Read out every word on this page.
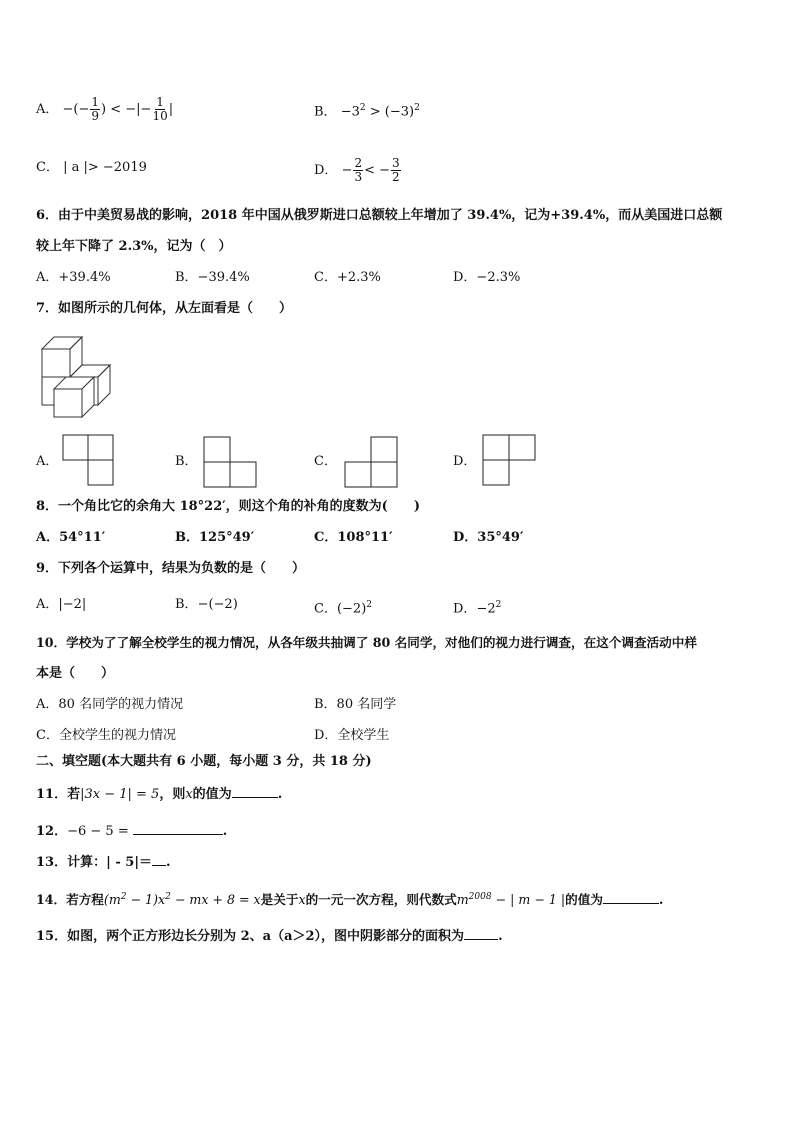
A． −(− $\frac{1}{9}$ ) < −|− $\frac{1}{10}$ |	B． $-3^2 > (-3)^2$
C． | a |> −2019	D． − $\frac{2}{3}$ < − $\frac{3}{2}$
6．由于中美贸易战的影响，2018 年中国从俄罗斯进口总额较上年增加了 39.4%，记为+39.4%，而从美国进口总额
较上年下降了 2.3%，记为（　）
A．+39.4%	B．−39.4%	C．+2.3%	D．−2.3%
7．如图所示的几何体，从左面看是（　　）
A．	B．	C．	D．
8．一个角比它的余角大 18°22′，则这个角的补角的度数为(　　)
A．54°11′	B．125°49′	C．108°11′	D．35°49′
9．下列各个运算中，结果为负数的是（　　）
A．|−2|	B．−(−2)	C．$(-2)^2$	D．$-2^2$
10．学校为了了解全校学生的视力情况，从各年级共抽调了 80 名同学，对他们的视力进行调查，在这个调查活动中样
本是（　　）
A．80 名同学的视力情况	B．80 名同学
C．全校学生的视力情况	D．全校学生
二、填空题(本大题共有 6 小题，每小题 3 分，共 18 分)
11．若|3x − 1| = 5，则x的值为	.
12．−6 − 5 =	.
13．计算：| - 5|＝ .
14．若方程$(m^2 - 1)x^2$ − mx + 8 = x是关于x的一元一次方程，则代数式$m^{2008}$ − | m − 1 |的值为	.
15．如图，两个正方形边长分别为 2、a（a＞2），图中阴影部分的面积为	.
